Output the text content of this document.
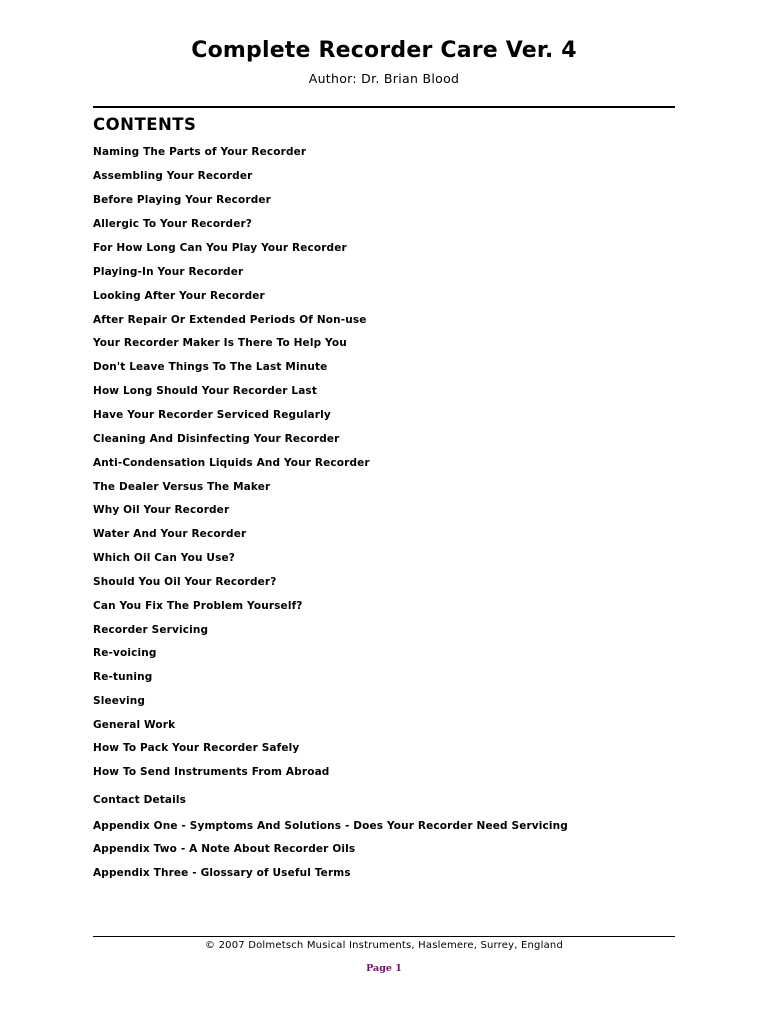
Complete Recorder Care Ver. 4
Author: Dr. Brian Blood
CONTENTS
Naming The Parts of Your Recorder
Assembling Your Recorder
Before Playing Your Recorder
Allergic To Your Recorder?
For How Long Can You Play Your Recorder
Playing-In Your Recorder
Looking After Your Recorder
After Repair Or Extended Periods Of Non-use
Your Recorder Maker Is There To Help You
Don't Leave Things To The Last Minute
How Long Should Your Recorder Last
Have Your Recorder Serviced Regularly
Cleaning And Disinfecting Your Recorder
Anti-Condensation Liquids And Your Recorder
The Dealer Versus The Maker
Why Oil Your Recorder
Water And Your Recorder
Which Oil Can You Use?
Should You Oil Your Recorder?
Can You Fix The Problem Yourself?
Recorder Servicing
Re-voicing
Re-tuning
Sleeving
General Work
How To Pack Your Recorder Safely
How To Send Instruments From Abroad
Contact Details
Appendix One - Symptoms And Solutions - Does Your Recorder Need Servicing
Appendix Two - A Note About Recorder Oils
Appendix Three - Glossary of Useful Terms
© 2007 Dolmetsch Musical Instruments, Haslemere, Surrey, England
Page 1
